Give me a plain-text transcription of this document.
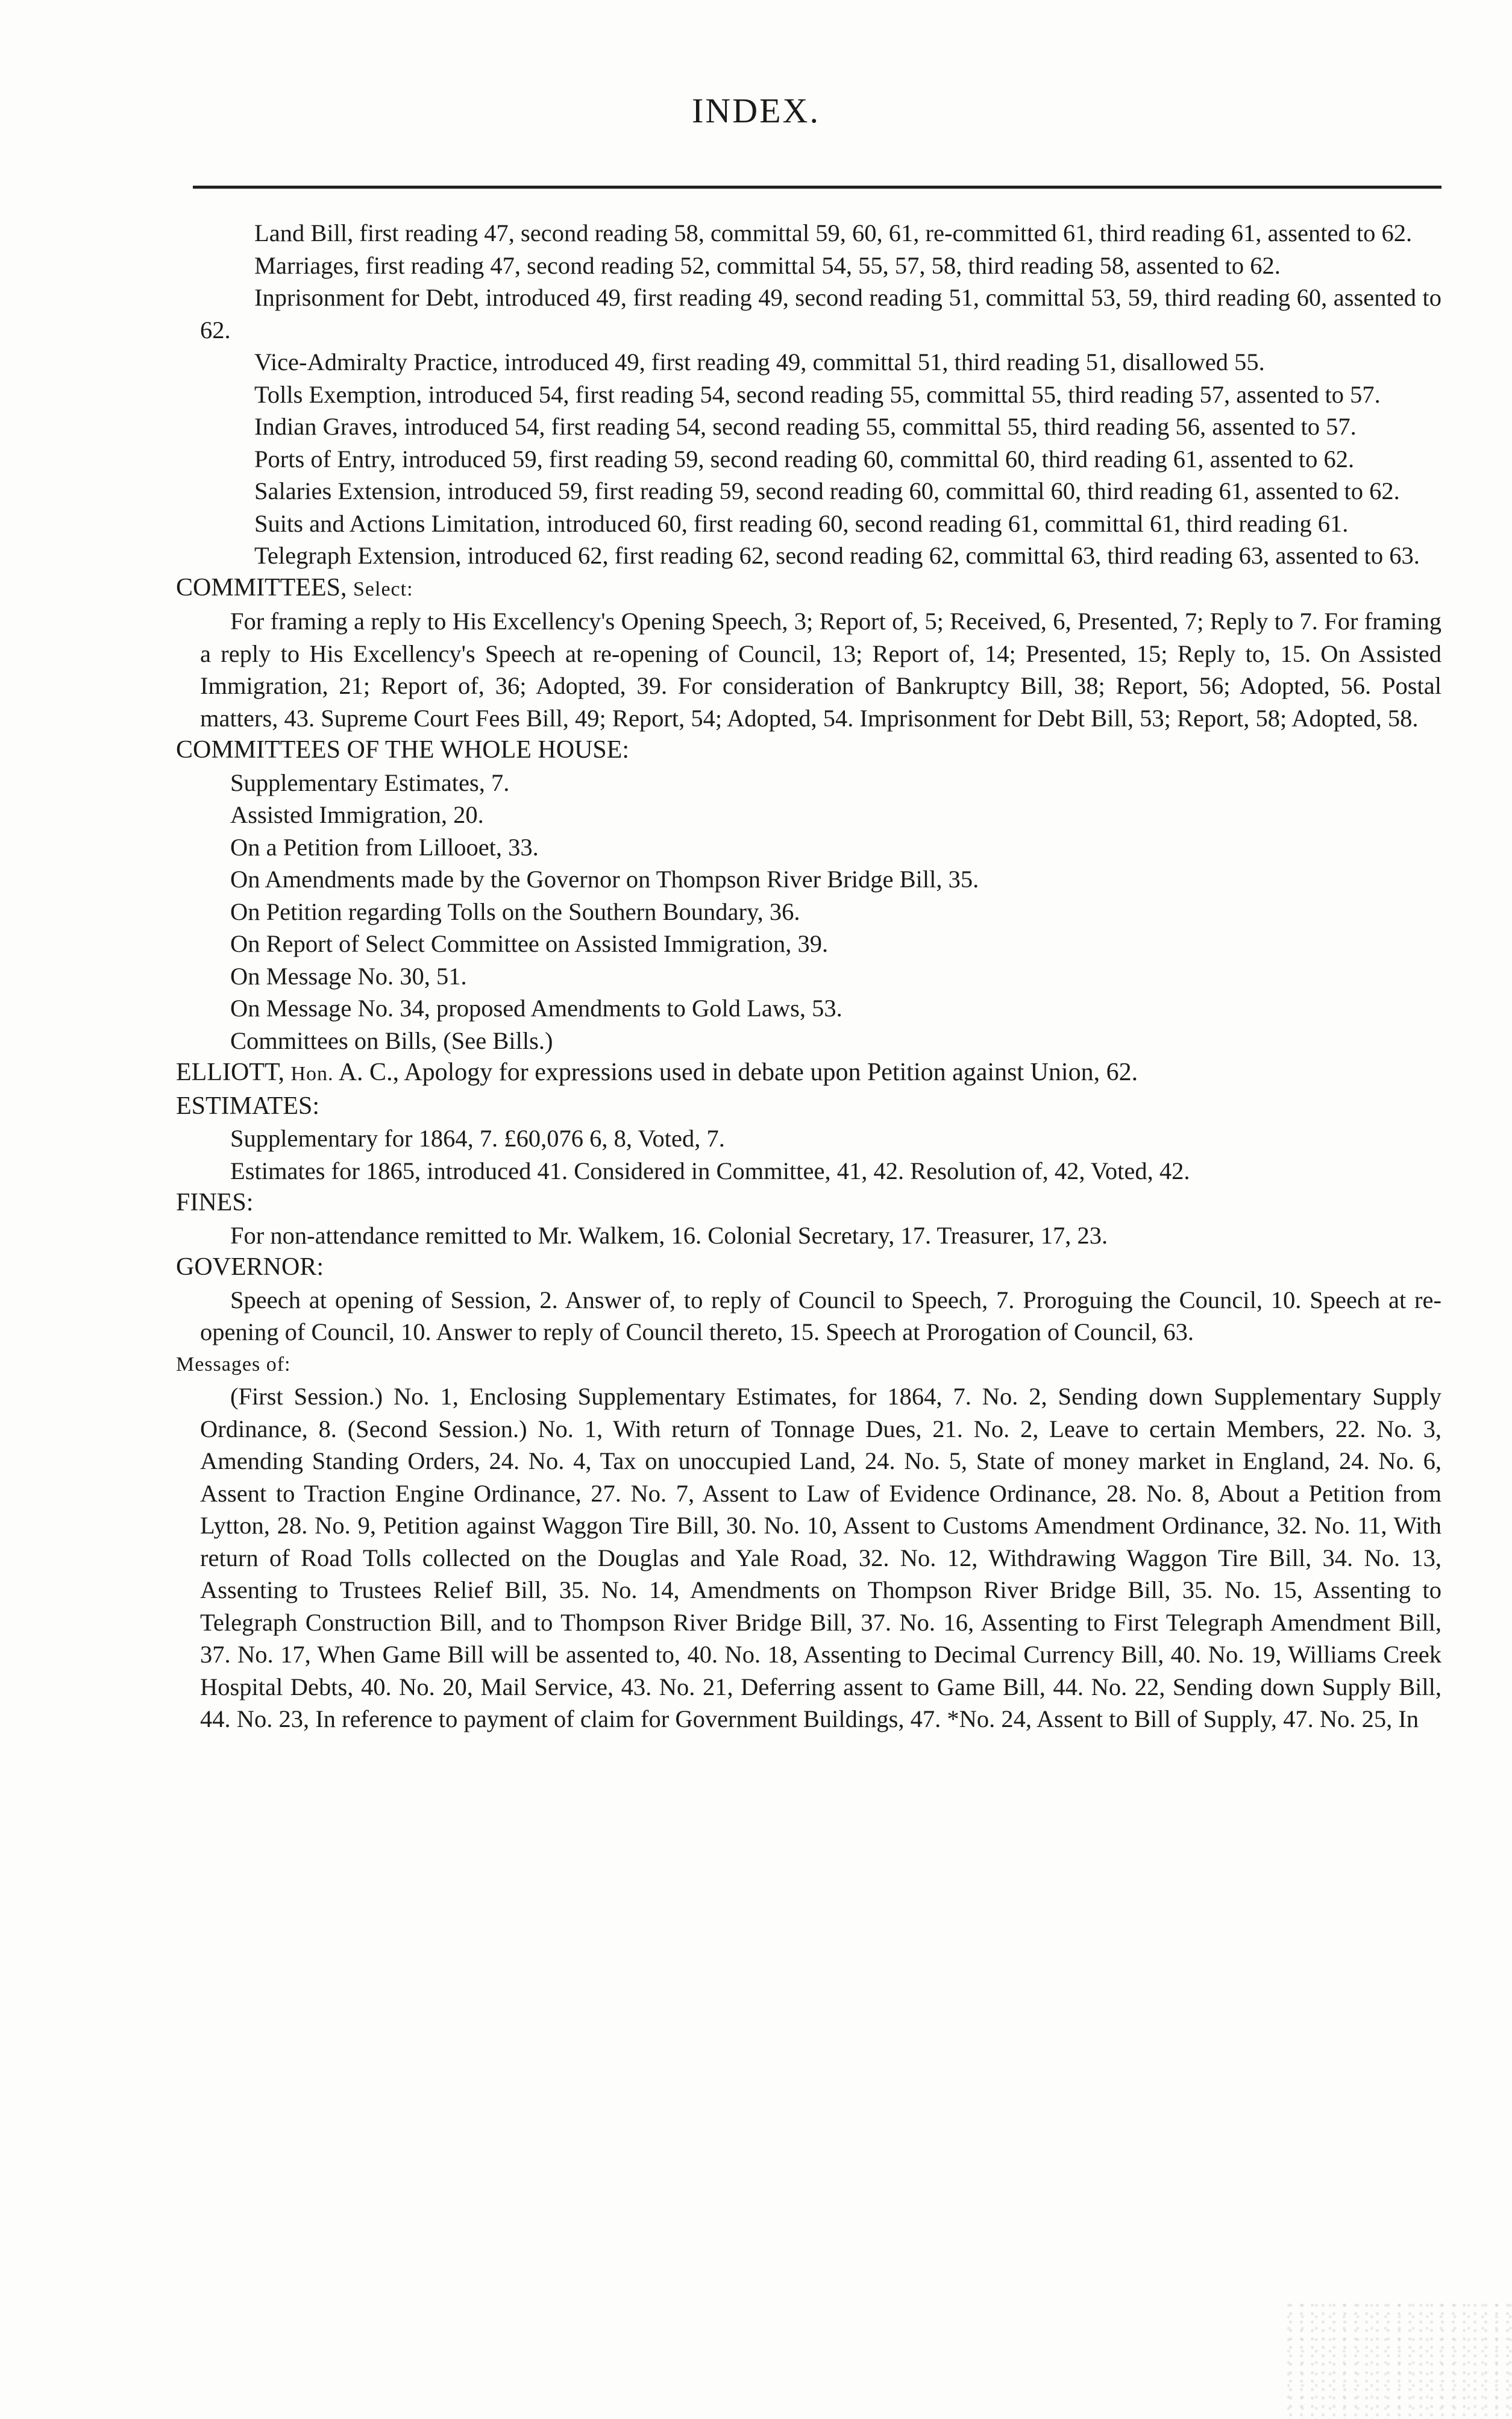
INDEX.

Land Bill, first reading 47, second reading 58, committal 59, 60, 61, re-committed 61, third reading 61, assented to 62.

Marriages, first reading 47, second reading 52, committal 54, 55, 57, 58, third reading 58, assented to 62.

Inprisonment for Debt, introduced 49, first reading 49, second reading 51, committal 53, 59, third reading 60, assented to 62.

Vice-Admiralty Practice, introduced 49, first reading 49, committal 51, third reading 51, disallowed 55.

Tolls Exemption, introduced 54, first reading 54, second reading 55, committal 55, third reading 57, assented to 57.

Indian Graves, introduced 54, first reading 54, second reading 55, committal 55, third reading 56, assented to 57.

Ports of Entry, introduced 59, first reading 59, second reading 60, committal 60, third reading 61, assented to 62.

Salaries Extension, introduced 59, first reading 59, second reading 60, committal 60, third reading 61, assented to 62.

Suits and Actions Limitation, introduced 60, first reading 60, second reading 61, committal 61, third reading 61.

Telegraph Extension, introduced 62, first reading 62, second reading 62, committal 63, third reading 63, assented to 63.

COMMITTEES, Select:

For framing a reply to His Excellency's Opening Speech, 3; Report of, 5; Received, 6, Presented, 7; Reply to 7. For framing a reply to His Excellency's Speech at re-opening of Council, 13; Report of, 14; Presented, 15; Reply to, 15. On Assisted Immigration, 21; Report of, 36; Adopted, 39. For consideration of Bankruptcy Bill, 38; Report, 56; Adopted, 56. Postal matters, 43. Supreme Court Fees Bill, 49; Report, 54; Adopted, 54. Imprisonment for Debt Bill, 53; Report, 58; Adopted, 58.

COMMITTEES OF THE WHOLE HOUSE:

Supplementary Estimates, 7.

Assisted Immigration, 20.

On a Petition from Lillooet, 33.

On Amendments made by the Governor on Thompson River Bridge Bill, 35.

On Petition regarding Tolls on the Southern Boundary, 36.

On Report of Select Committee on Assisted Immigration, 39.

On Message No. 30, 51.

On Message No. 34, proposed Amendments to Gold Laws, 53.

Committees on Bills, (See Bills.)

ELLIOTT, Hon. A. C., Apology for expressions used in debate upon Petition against Union, 62.

ESTIMATES:

Supplementary for 1864, 7. £60,076 6, 8, Voted, 7.

Estimates for 1865, introduced 41. Considered in Committee, 41, 42. Resolution of, 42, Voted, 42.

FINES:

For non-attendance remitted to Mr. Walkem, 16. Colonial Secretary, 17. Treasurer, 17, 23.

GOVERNOR:

Speech at opening of Session, 2. Answer of, to reply of Council to Speech, 7. Proroguing the Council, 10. Speech at re-opening of Council, 10. Answer to reply of Council thereto, 15. Speech at Prorogation of Council, 63.

Messages of:

(First Session.) No. 1, Enclosing Supplementary Estimates, for 1864, 7. No. 2, Sending down Supplementary Supply Ordinance, 8. (Second Session.) No. 1, With return of Tonnage Dues, 21. No. 2, Leave to certain Members, 22. No. 3, Amending Standing Orders, 24. No. 4, Tax on unoccupied Land, 24. No. 5, State of money market in England, 24. No. 6, Assent to Traction Engine Ordinance, 27. No. 7, Assent to Law of Evidence Ordinance, 28. No. 8, About a Petition from Lytton, 28. No. 9, Petition against Waggon Tire Bill, 30. No. 10, Assent to Customs Amendment Ordinance, 32. No. 11, With return of Road Tolls collected on the Douglas and Yale Road, 32. No. 12, Withdrawing Waggon Tire Bill, 34. No. 13, Assenting to Trustees Relief Bill, 35. No. 14, Amendments on Thompson River Bridge Bill, 35. No. 15, Assenting to Telegraph Construction Bill, and to Thompson River Bridge Bill, 37. No. 16, Assenting to First Telegraph Amendment Bill, 37. No. 17, When Game Bill will be assented to, 40. No. 18, Assenting to Decimal Currency Bill, 40. No. 19, Williams Creek Hospital Debts, 40. No. 20, Mail Service, 43. No. 21, Deferring assent to Game Bill, 44. No. 22, Sending down Supply Bill, 44. No. 23, In reference to payment of claim for Government Buildings, 47. *No. 24, Assent to Bill of Supply, 47. No. 25, In
